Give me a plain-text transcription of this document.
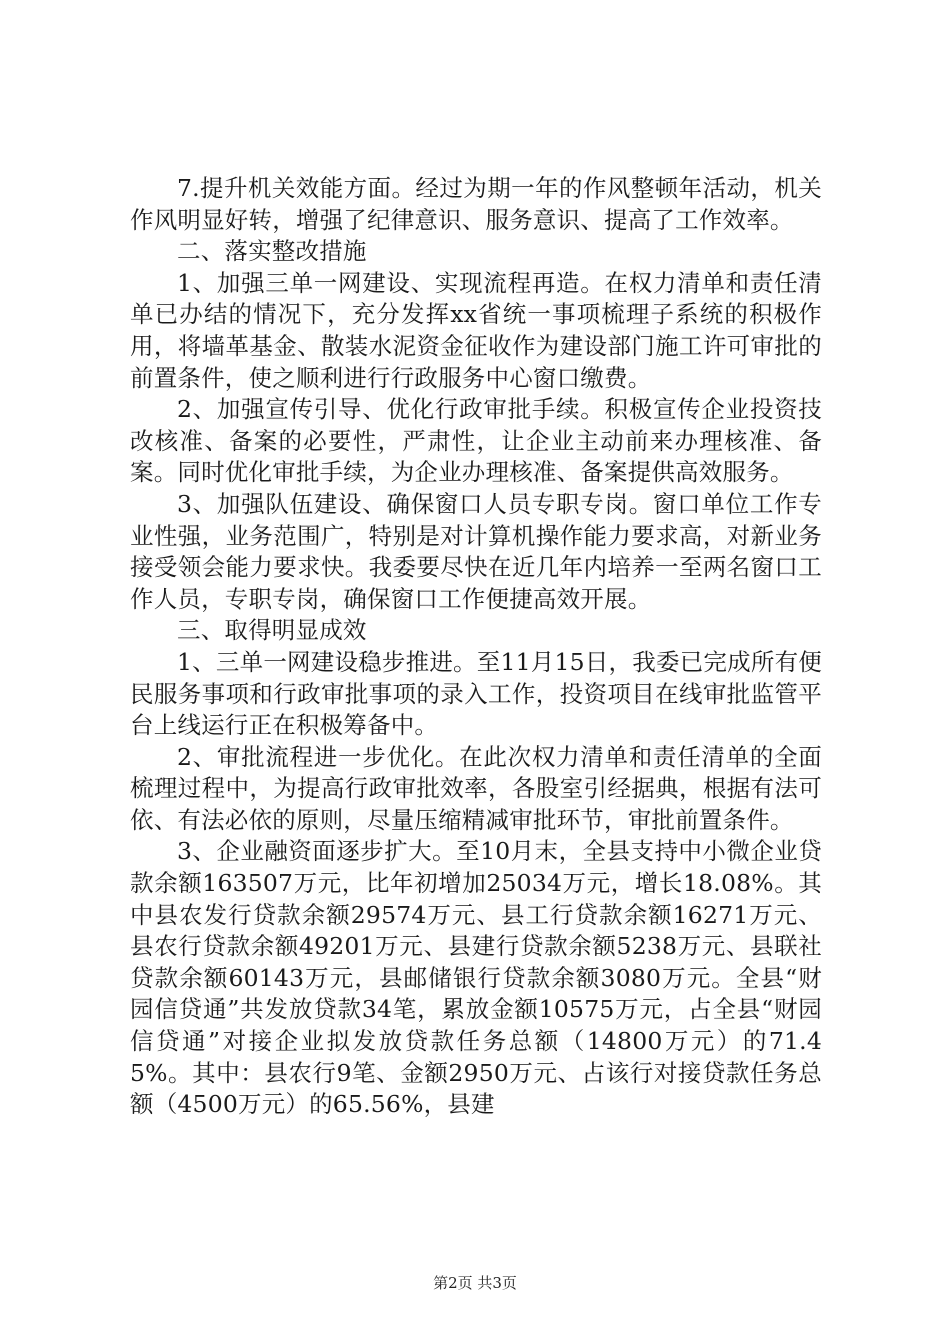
7.提升机关效能方面。经过为期一年的作风整顿年活动，机关作风明显好转，增强了纪律意识、服务意识、提高了工作效率。

二、落实整改措施

1、加强三单一网建设、实现流程再造。在权力清单和责任清单已办结的情况下，充分发挥xx省统一事项梳理子系统的积极作用，将墙革基金、散装水泥资金征收作为建设部门施工许可审批的前置条件，使之顺利进行行政服务中心窗口缴费。

2、加强宣传引导、优化行政审批手续。积极宣传企业投资技改核准、备案的必要性，严肃性，让企业主动前来办理核准、备案。同时优化审批手续，为企业办理核准、备案提供高效服务。

3、加强队伍建设、确保窗口人员专职专岗。窗口单位工作专业性强，业务范围广，特别是对计算机操作能力要求高，对新业务接受领会能力要求快。我委要尽快在近几年内培养一至两名窗口工作人员，专职专岗，确保窗口工作便捷高效开展。

三、取得明显成效

1、三单一网建设稳步推进。至11月15日，我委已完成所有便民服务事项和行政审批事项的录入工作，投资项目在线审批监管平台上线运行正在积极筹备中。

2、审批流程进一步优化。在此次权力清单和责任清单的全面梳理过程中，为提高行政审批效率，各股室引经据典，根据有法可依、有法必依的原则，尽量压缩精减审批环节，审批前置条件。

3、企业融资面逐步扩大。至10月末，全县支持中小微企业贷款余额163507万元，比年初增加25034万元，增长18.08%。其中县农发行贷款余额29574万元、县工行贷款余额16271万元、县农行贷款余额49201万元、县建行贷款余额5238万元、县联社贷款余额60143万元，县邮储银行贷款余额3080万元。全县“财园信贷通”共发放贷款34笔，累放金额10575万元，占全县“财园信贷通”对接企业拟发放贷款任务总额（14800万元）的71.45%。其中：县农行9笔、金额2950万元、占该行对接贷款任务总额（4500万元）的65.56%，县建

第2页 共3页
